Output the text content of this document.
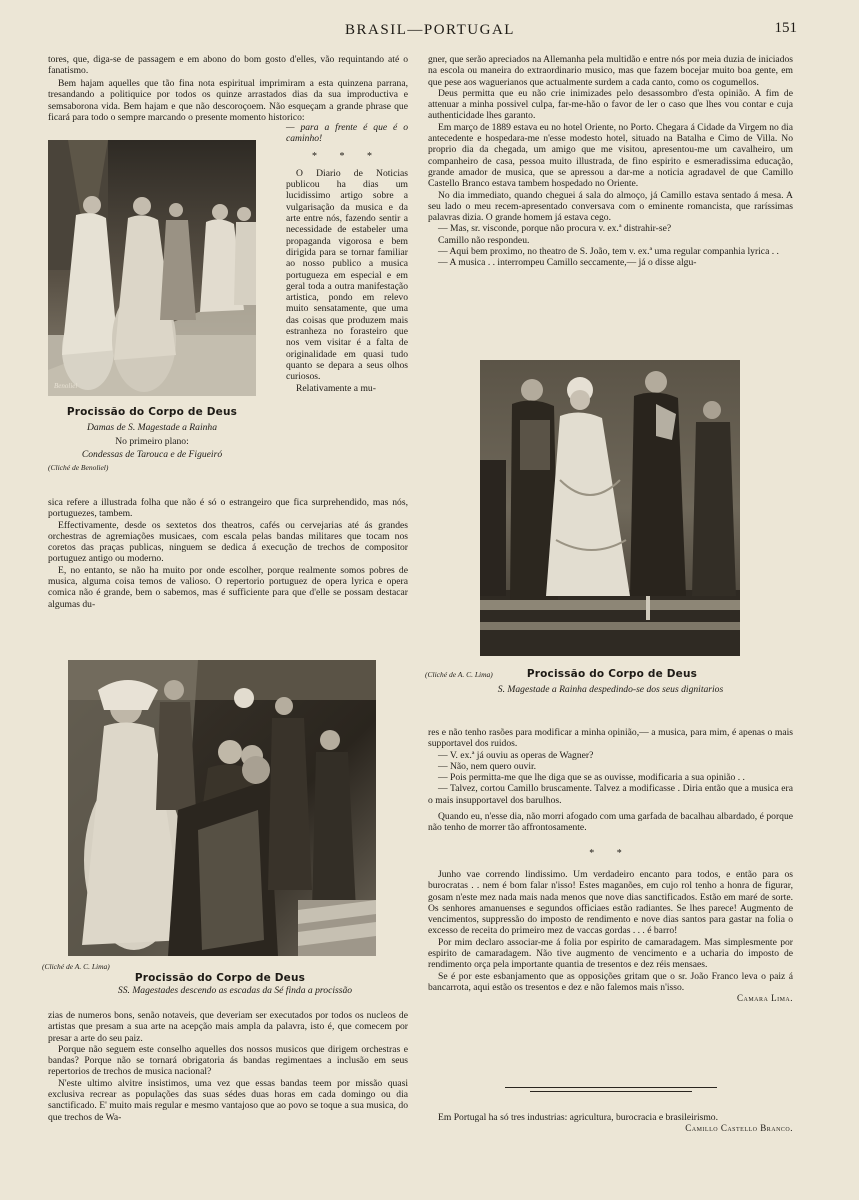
BRASIL—PORTUGAL	151

tores, que, diga-se de passagem e em abono do bom gosto d'elles, vão requintando até o fanatismo.

Bem hajam aquelles que tão fina nota espiritual imprimiram a esta quinzena parrana, tresandando a politiquice por todos os quinze arrastados dias da sua improductiva e semsaborona vida. Bem hajam e que não descoroçoem. Não esqueçam a grande phrase que ficará para todo o sempre marcando o presente momento historico:

Benoliel

— para a frente é que é o caminho!

* * *

O Diario de Noticias publicou ha dias um lucidissimo artigo sobre a vulgarisação da musica e da arte entre nós, fazendo sentir a necessidade de estabeler uma propaganda vigorosa e bem dirigida para se tornar familiar ao nosso publico a musica portugueza em especial e em geral toda a outra manifestação artistica, pondo em relevo muito sensatamente, que uma das coisas que produzem mais estranheza no forasteiro que nos vem visitar é a falta de originalidade em quasi tudo quanto se depara a seus olhos curiosos.

Relativamente a mu-

Procissão do Corpo de Deus
Damas de S. Magestade a Rainha
No primeiro plano:
Condessas de Tarouca e de Figueiró
(Cliché de Benoliel)

sica refere a illustrada folha que não é só o estrangeiro que fica surprehendido, mas nós, portuguezes, tambem.

Effectivamente, desde os sextetos dos theatros, cafés ou cervejarias até ás grandes orchestras de agremiações musicaes, com escala pelas bandas militares que tocam nos coretos das praças publicas, ninguem se dedica á execução de trechos de compositor portuguez antigo ou moderno.

E, no entanto, se não ha muito por onde escolher, porque realmente somos pobres de musica, alguma coisa temos de valioso. O repertorio portuguez de opera lyrica e opera comica não é grande, bem o sabemos, mas é sufficiente para que d'elle se possam destacar algumas du-

(Cliché de A. C. Lima)
Procissão do Corpo de Deus
SS. Magestades descendo as escadas da Sé finda a procissão

zias de numeros bons, senão notaveis, que deveriam ser executados por todos os nucleos de artistas que presam a sua arte na acepção mais ampla da palavra, isto é, que comecem por presar a arte do seu paiz.

Porque não seguem este conselho aquelles dos nossos musicos que dirigem orchestras e bandas? Porque não se tornará obrigatoria ás bandas regimentaes a inclusão em seus repertorios de trechos de musica nacional?

N'este ultimo alvitre insistimos, uma vez que essas bandas teem por missão quasi exclusiva recrear as populações das suas sédes duas horas em cada domingo ou dia sanctificado. E' muito mais regular e mesmo vantajoso que ao povo se toque a sua musica, do que trechos de Wa-

gner, que serão apreciados na Allemanha pela multidão e entre nós por meia duzia de iniciados na escola ou maneira do extraordinario musico, mas que fazem bocejar muito boa gente, em que pese aos waguerianos que actualmente surdem a cada canto, como os cogumellos.

Deus permitta que eu não crie inimizades pelo desassombro d'esta opinião. A fim de attenuar a minha possivel culpa, far-me-hão o favor de ler o caso que lhes vou contar e cuja authenticidade lhes garanto.

Em março de 1889 estava eu no hotel Oriente, no Porto. Chegara á Cidade da Virgem no dia antecedente e hospedara-me n'esse modesto hotel, situado na Batalha e Cimo de Villa. No proprio dia da chegada, um amigo que me visitou, apresentou-me um cavalheiro, um companheiro de casa, pessoa muito illustrada, de fino espirito e esmeradissima educação, grande amador de musica, que se apressou a dar-me a noticia agradavel de que Camillo Castello Branco estava tambem hospedado no Oriente.

No dia immediato, quando cheguei á sala do almoço, já Camillo estava sentado á mesa. A seu lado o meu recem-apresentado conversava com o eminente romancista, que raríssimas palavras dizia. O grande homem já estava cego.

— Mas, sr. visconde, porque não procura v. ex.ª distrahir-se?

Camillo não respondeu.

— Aqui bem proximo, no theatro de S. João, tem v. ex.ª uma regular companhia lyrica . .

— A musica . . interrompeu Camillo seccamente,— já o disse algu-

(Cliché de A. C. Lima)	Procissão do Corpo de Deus
S. Magestade a Rainha despedindo-se dos seus dignitarios

res e não tenho rasões para modificar a minha opinião,— a musica, para mim, é apenas o mais supportavel dos ruidos.

— V. ex.ª já ouviu as operas de Wagner?

— Não, nem quero ouvir.

— Pois permitta-me que lhe diga que se as ouvisse, modificaria a sua opinião . .

— Talvez, cortou Camillo bruscamente. Talvez a modificasse . Diria então que a musica era o mais insupportavel dos barulhos.

Quando eu, n'esse dia, não morri afogado com uma garfada de bacalhau albardado, é porque não tenho de morrer tão affrontosamente.

* *

Junho vae correndo lindissimo. Um verdadeiro encanto para todos, e então para os burocratas . . nem é bom falar n'isso! Estes maganões, em cujo rol tenho a honra de figurar, gosam n'este mez nada mais nada menos que nove dias sanctificados. Estão em maré de sorte. Os senhores amanuenses e segundos officiaes estão radiantes. Se lhes parece! Augmento de vencimentos, suppressão do imposto de rendimento e nove dias santos para gastar na folia o excesso de receita do primeiro mez de vaccas gordas . . . é barro!

Por mim declaro associar-me á folia por espirito de camaradagem. Mas simplesmente por espirito de camaradagem. Não tive augmento de vencimento e a ucharia do imposto de rendimento orça pela importante quantia de tresentos e dez réis mensaes.

Se é por este esbanjamento que as opposições gritam que o sr. João Franco leva o paiz á bancarrota, aqui estão os tresentos e dez e não falemos mais n'isso.

Camara Lima.

Em Portugal ha só tres industrias: agricultura, burocracia e brasileirismo.

Camillo Castello Branco.
